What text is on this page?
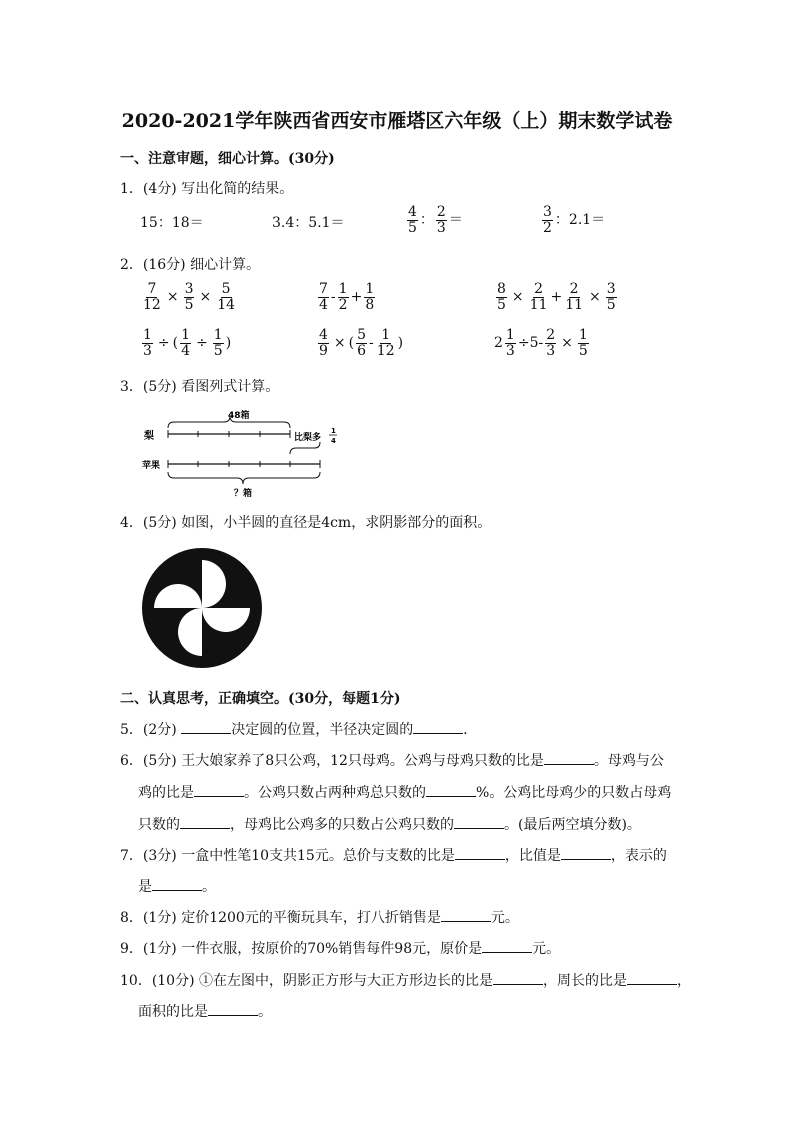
2020-2021学年陕西省西安市雁塔区六年级（上）期末数学试卷
一、注意审题，细心计算。(30分)
1．(4分) 写出化简的结果。
15：18＝	3.4：5.1＝	$\frac{4}{5}$ ： $\frac{2}{3}$ ＝	$\frac{3}{2}$ ：2.1＝
2．(16分) 细心计算。
$\frac{7}{12} \times \frac{3}{5} \times \frac{5}{14}$	$\frac{7}{4} - \frac{1}{2} + \frac{1}{8}$	$\frac{8}{5} \times \frac{2}{11} + \frac{2}{11} \times \frac{3}{5}$
$\frac{1}{3}$ ÷ ( $\frac{1}{4} \div \frac{1}{5}$ )	$\frac{4}{9}$ × ( $\frac{5}{6} - \frac{1}{12}$ )	$2 \frac{1}{3} \div 5- \frac{2}{3} \times \frac{1}{5}$
3．(5分) 看图列式计算。
48箱
梨	比梨多
1
4
苹果
？箱
4．(5分) 如图，小半圆的直径是4cm，求阴影部分的面积。
二、认真思考，正确填空。(30分，每题1分)
5．(2分)	决定圆的位置，半径决定圆的	．
6．(5分) 王大娘家养了8只公鸡，12只母鸡。公鸡与母鸡只数的比是	。母鸡与公
鸡的比是	。公鸡只数占两种鸡总只数的	%。公鸡比母鸡少的只数占母鸡
只数的	，母鸡比公鸡多的只数占公鸡只数的	。(最后两空填分数)。
7．(3分) 一盒中性笔10支共15元。总价与支数的比是	，比值是	，表示的
是	。
8．(1分) 定价1200元的平衡玩具车，打八折销售是	元。
9．(1分) 一件衣服，按原价的70%销售每件98元，原价是	元。
10．(10分) ①在左图中，阴影正方形与大正方形边长的比是	，周长的比是	，
面积的比是	。
